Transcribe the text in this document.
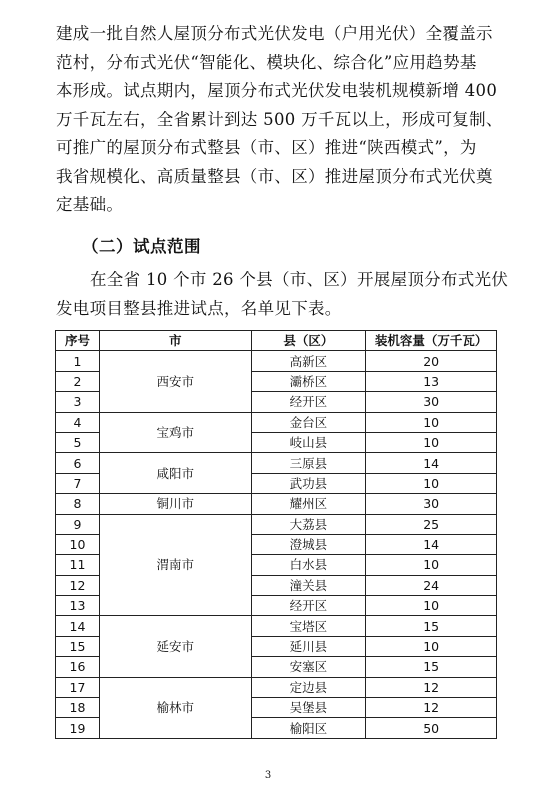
建成一批自然人屋顶分布式光伏发电（户用光伏）全覆盖示
范村，分布式光伏“智能化、模块化、综合化”应用趋势基
本形成。试点期内，屋顶分布式光伏发电装机规模新增 400
万千瓦左右，全省累计到达 500 万千瓦以上，形成可复制、
可推广的屋顶分布式整县（市、区）推进“陕西模式”，为
我省规模化、高质量整县（市、区）推进屋顶分布式光伏奠
定基础。
（二）试点范围
在全省 10 个市 26 个县（市、区）开展屋顶分布式光伏
发电项目整县推进试点，名单见下表。
序号	市	县（区）	装机容量（万千瓦）
1	西安市	高新区	20
2		灞桥区	13
3		经开区	30
4	宝鸡市	金台区	10
5		岐山县	10
6	咸阳市	三原县	14
7		武功县	10
8	铜川市	耀州区	30
9	渭南市	大荔县	25
10		澄城县	14
11		白水县	10
12		潼关县	24
13		经开区	10
14	延安市	宝塔区	15
15		延川县	10
16		安塞区	15
17	榆林市	定边县	12
18		吴堡县	12
19		榆阳区	50
3
